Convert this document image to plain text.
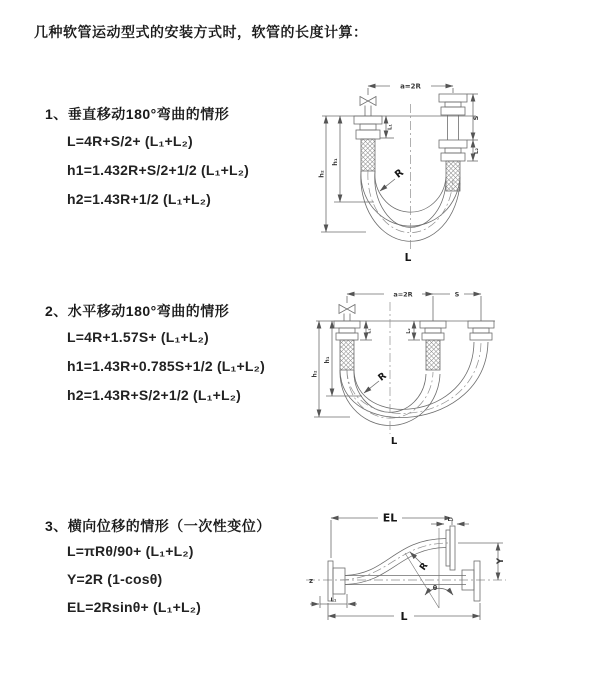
几种软管运动型式的安装方式时，软管的长度计算：
1、垂直移动180°弯曲的情形
L=4R+S/2+ (L₁+L₂)
h1=1.432R+S/2+1/2 (L₁+L₂)
h2=1.43R+1/2 (L₁+L₂)
2、水平移动180°弯曲的情形
L=4R+1.57S+ (L₁+L₂)
h1=1.43R+0.785S+1/2 (L₁+L₂)
h2=1.43R+S/2+1/2 (L₁+L₂)
3、横向位移的情形（一次性变位）
L=πRθ/90+ (L₁+L₂)
Y=2R (1-cosθ)
EL=2Rsinθ+ (L₁+L₂)
a=2R
h₁
h₂
L₁
S
L₂
R
L
a=2R	S
h₁
h₂
L₁	L₂
R
L
EL	L₂
Y
R
θ
L₁
L
z
